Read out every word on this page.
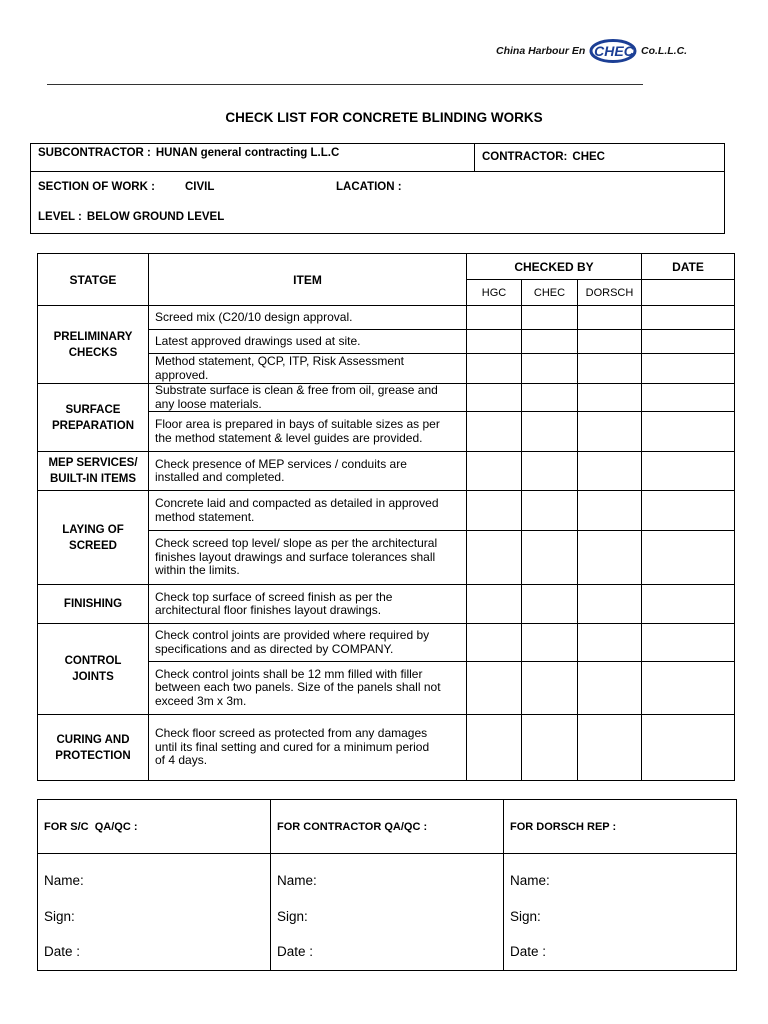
China Harbour En CHEC Co.L.L.C.
CHECK LIST FOR CONCRETE BLINDING WORKS
SUBCONTRACTOR : HUNAN general contracting L.L.C	CONTRACTOR: CHEC
SECTION OF WORK :	CIVIL	LACATION :
LEVEL : BELOW GROUND LEVEL
STATGE	ITEM	CHECKED BY			DATE
		HGC	CHEC	DORSCH	

PRELIMINARY
CHECKS	Screed mix (C20/10 design approval.				

	Latest approved drawings used at site.				

	Method statement, QCP, ITP, Risk Assessment
approved.				

SURFACE
PREPARATION	Substrate surface is clean & free from oil, grease and
any loose materials.				

	Floor area is prepared in bays of suitable sizes as per
the method statement & level guides are provided.				

MEP SERVICES/
BUILT-IN ITEMS	Check presence of MEP services / conduits are
installed and completed.				

LAYING OF
SCREED	Concrete laid and compacted as detailed in approved
method statement.				

	Check screed top level/ slope as per the architectural
finishes layout drawings and surface tolerances shall
within the limits.				

FINISHING	Check top surface of screed finish as per the
architectural floor finishes layout drawings.				

CONTROL
JOINTS	Check control joints are provided where required by
specifications and as directed by COMPANY.				

	Check control joints shall be 12 mm filled with filler
between each two panels. Size of the panels shall not
exceed 3m x 3m.				

CURING AND
PROTECTION	Check floor screed as protected from any damages
until its final setting and cured for a minimum period
of 4 days.				

FOR S/C  QA/QC :	FOR CONTRACTOR QA/QC :	FOR DORSCH REP :

Name:
Sign:
Date :	Name:
Sign:
Date :	Name:
Sign:
Date :
